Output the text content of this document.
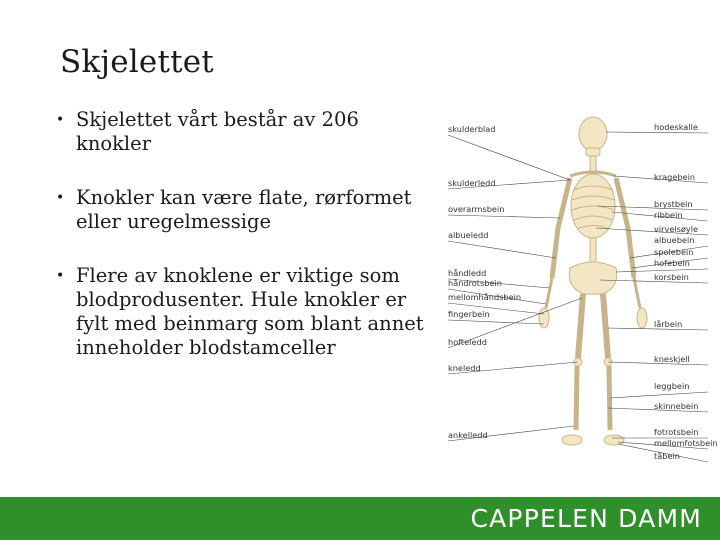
Skjelettet
• Skjelettet vårt består av 206 knokler
• Knokler kan være flate, rørformet eller uregelmessige
• Flere av knoklene er viktige som blodprodusenter. Hule knokler er fylt med beinmarg som blant annet inneholder blodstamceller
skulderblad
skulderledd
overarmsbein
albueledd
håndledd
håndrotsbein
mellomhåndsbein
fingerbein
hofteledd
kneledd
ankelledd
hodeskalle
kragebein
brystbein
ribbein
virvelsøyle
albuebein
spolebein
hofebein
korsbein
lårbein
kneskjell
leggbein
skinnebein
fotrotsbein
mellomfotsbein
tåbein
CAPPELEN DAMM
